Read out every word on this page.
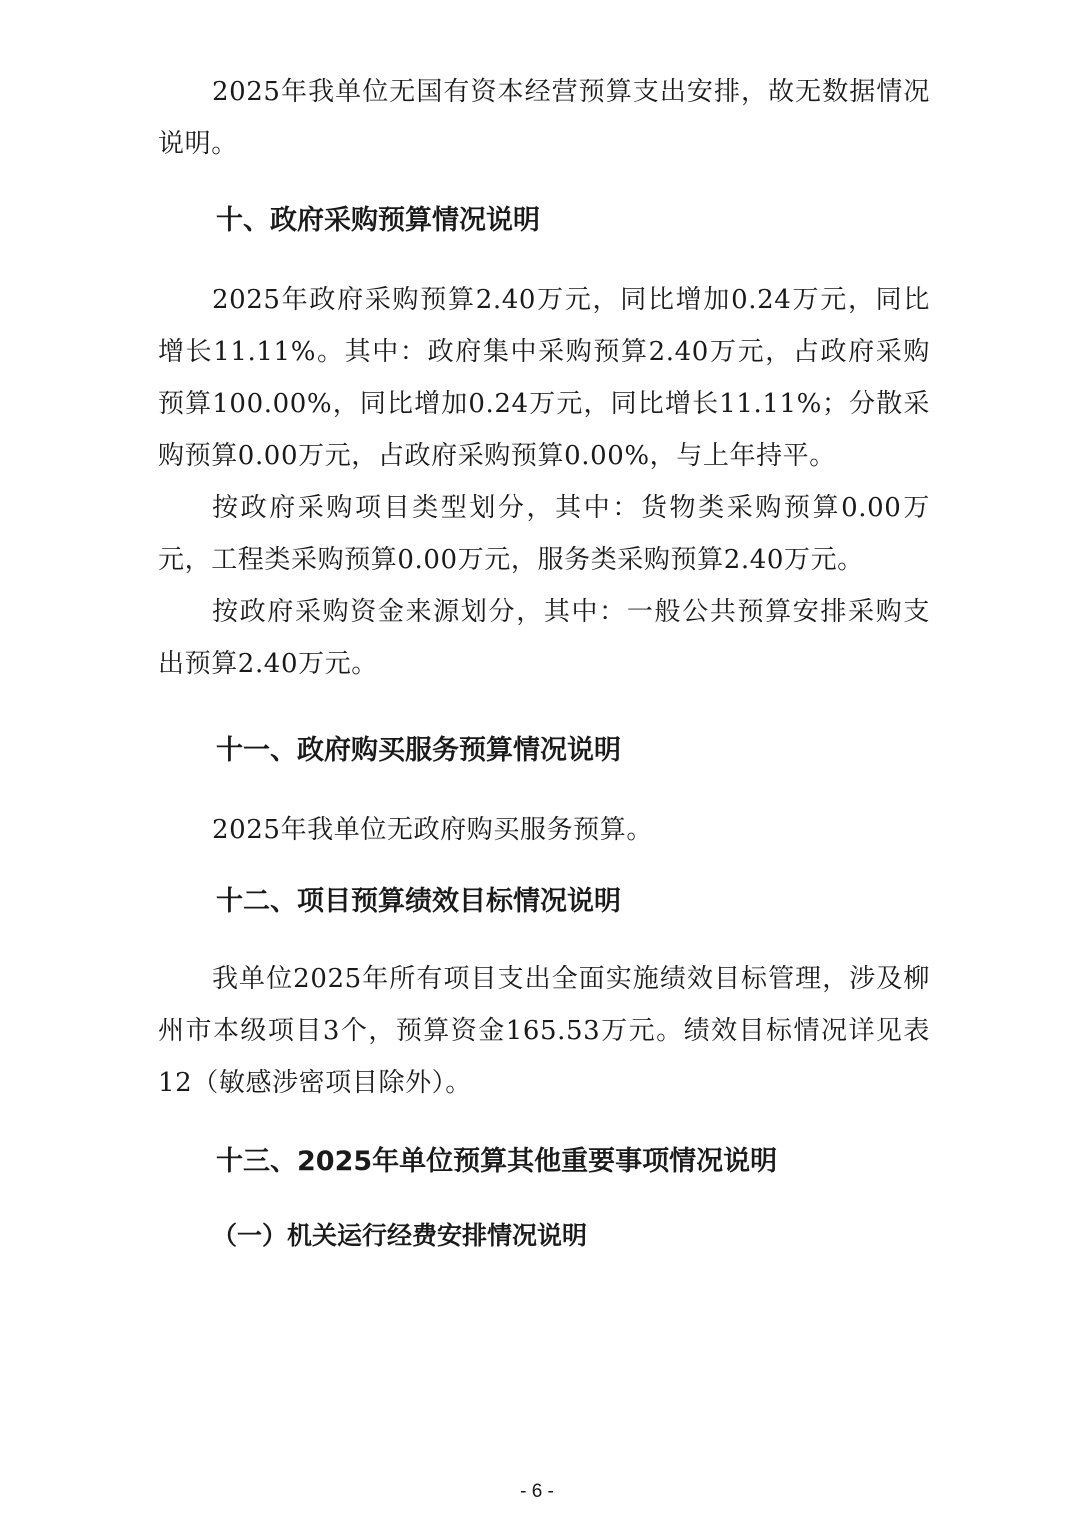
2025年我单位无国有资本经营预算支出安排，故无数据情况说明。

十、政府采购预算情况说明

2025年政府采购预算2.40万元，同比增加0.24万元，同比增长11.11%。其中：政府集中采购预算2.40万元，占政府采购预算100.00%，同比增加0.24万元，同比增长11.11%；分散采购预算0.00万元，占政府采购预算0.00%，与上年持平。

按政府采购项目类型划分，其中：货物类采购预算0.00万元，工程类采购预算0.00万元，服务类采购预算2.40万元。

按政府采购资金来源划分，其中：一般公共预算安排采购支出预算2.40万元。

十一、政府购买服务预算情况说明

2025年我单位无政府购买服务预算。

十二、项目预算绩效目标情况说明

我单位2025年所有项目支出全面实施绩效目标管理，涉及柳州市本级项目3个，预算资金165.53万元。绩效目标情况详见表12（敏感涉密项目除外）。

十三、2025年单位预算其他重要事项情况说明
（一）机关运行经费安排情况说明
- 6 -
